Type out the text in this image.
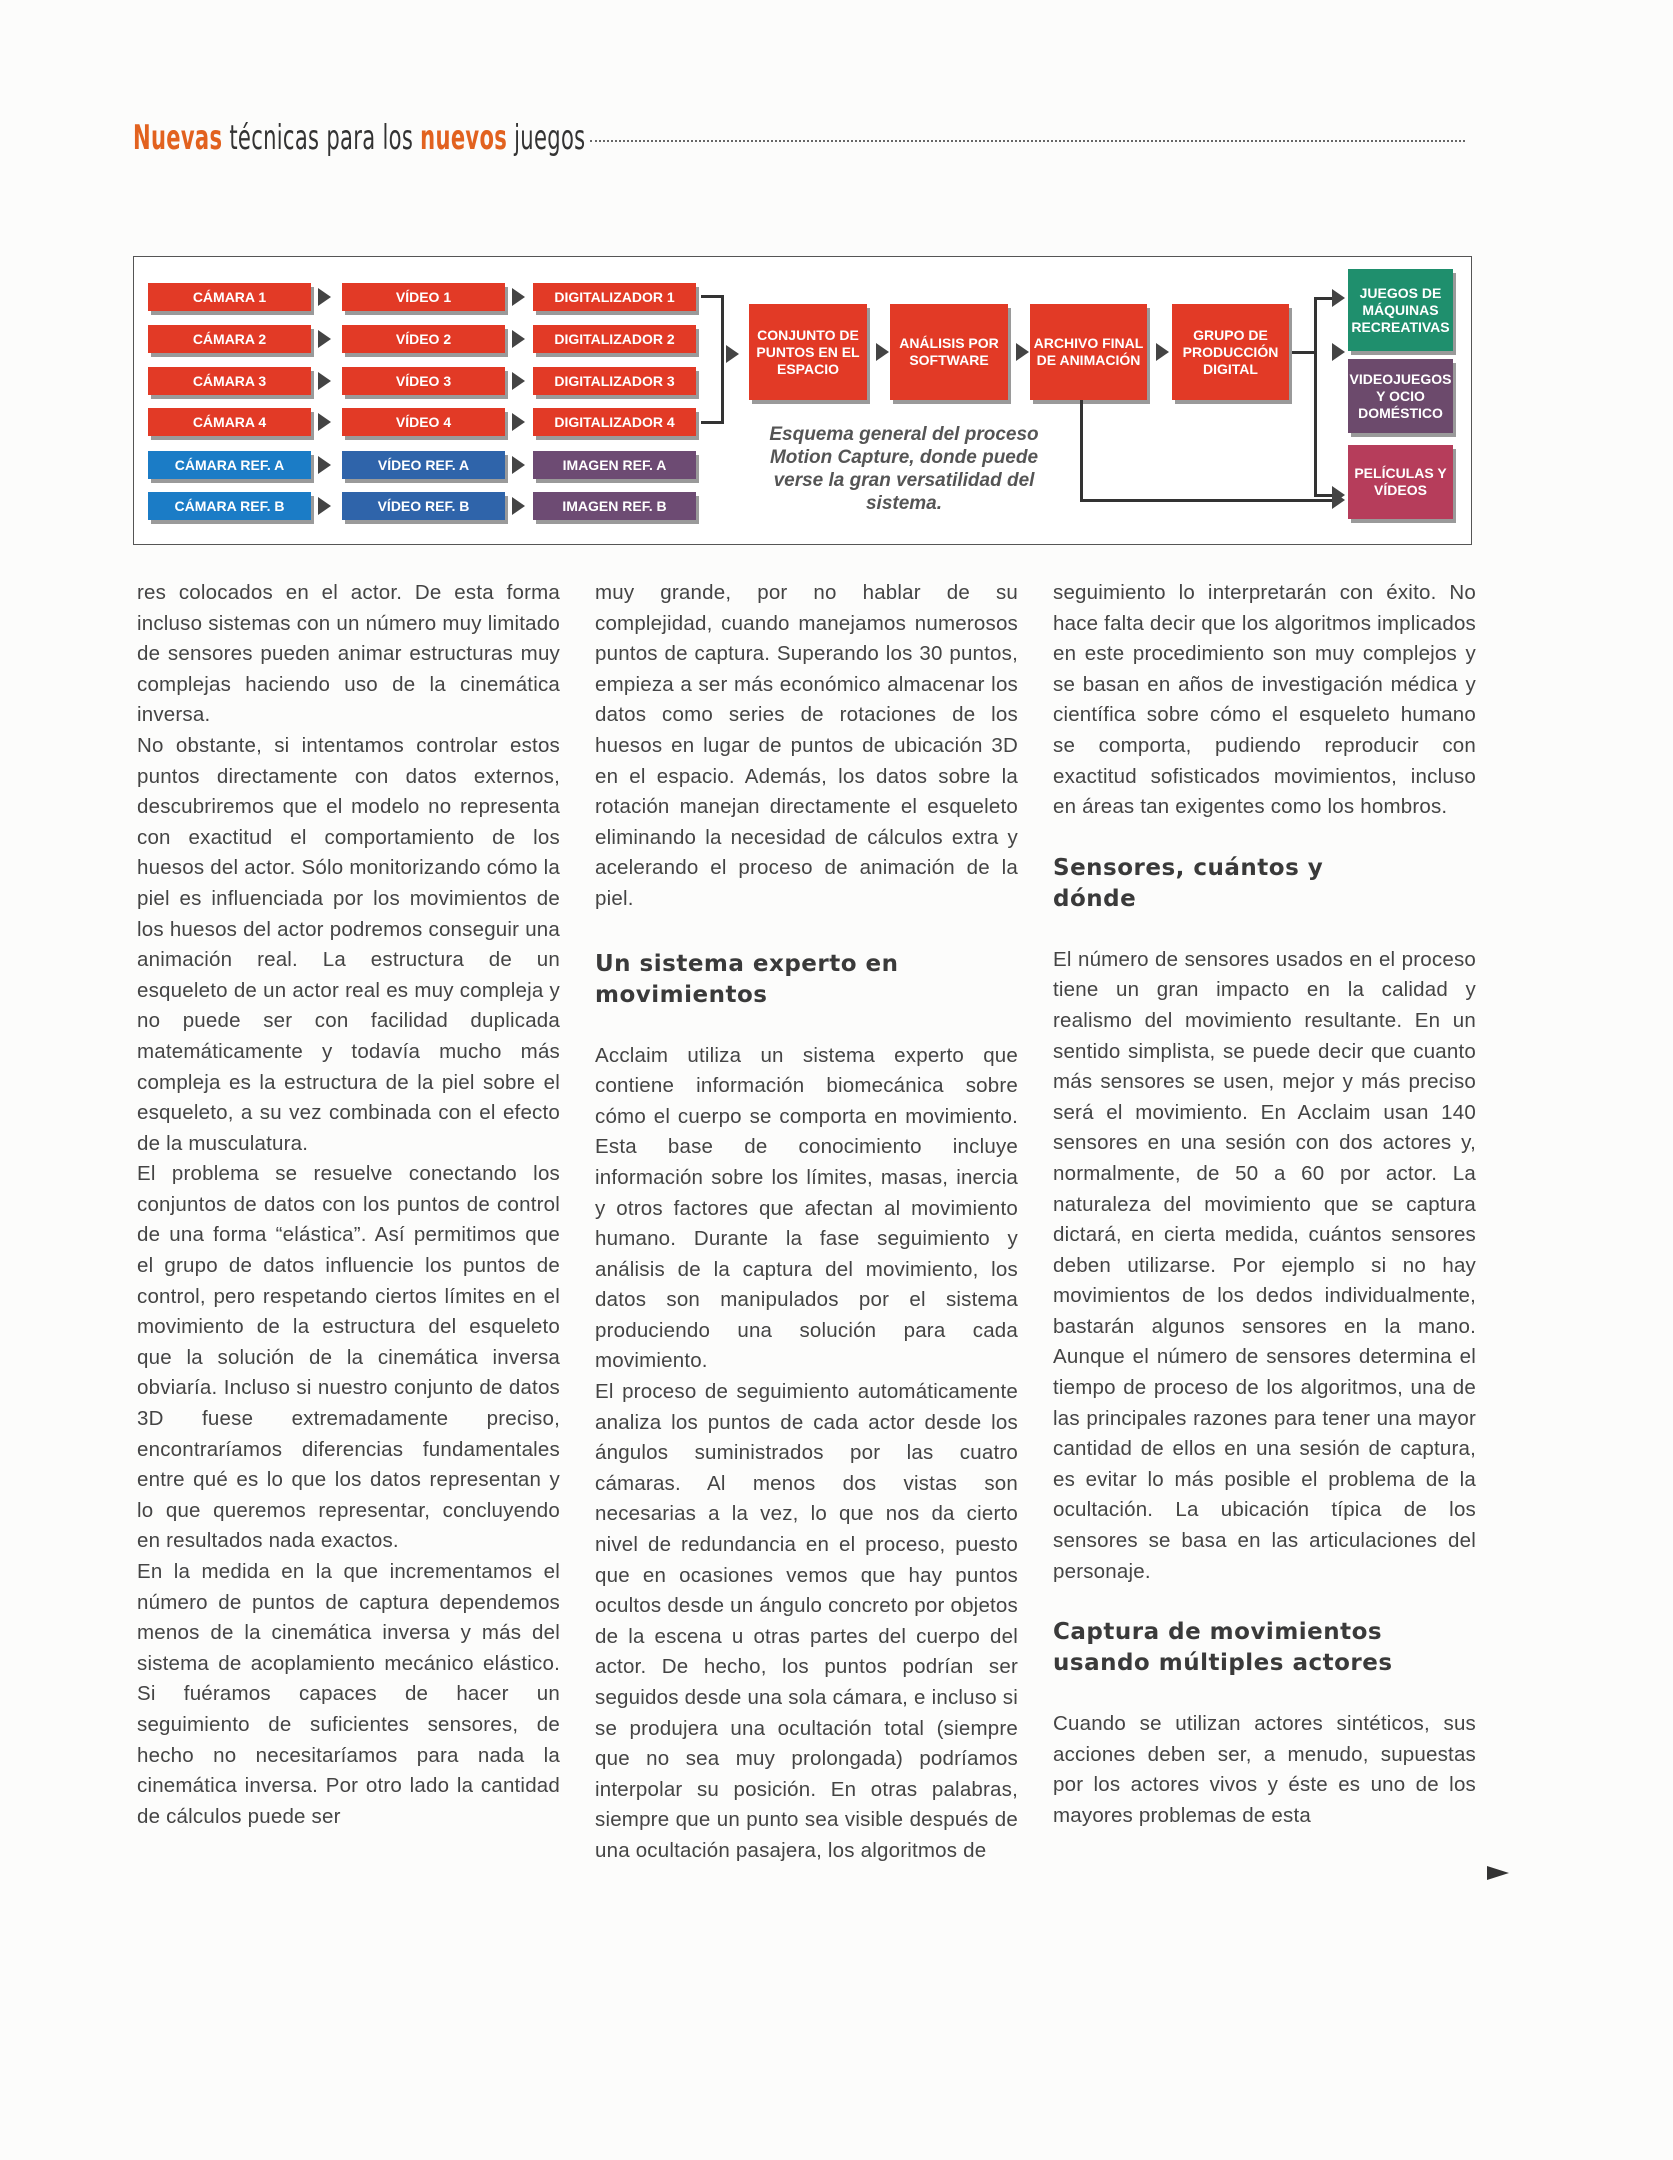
Nuevas técnicas para los nuevos juegos
CONJUNTO DE PUNTOS EN EL ESPACIO
ANÁLISIS POR SOFTWARE
ARCHIVO FINAL DE ANIMACIÓN
GRUPO DE PRODUCCIÓN DIGITAL
JUEGOS DE MÁQUINAS RECREATIVAS
VIDEOJUEGOS Y OCIO DOMÉSTICO
PELÍCULAS Y VÍDEOS
Esquema general del proceso Motion Capture, donde puede verse la gran versatilidad del sistema.
CÁMARA 1
CÁMARA 2
CÁMARA 3
CÁMARA 4
CÁMARA REF. A
CÁMARA REF. B
VÍDEO 1
VÍDEO 2
VÍDEO 3
VÍDEO 4
VÍDEO REF. A
VÍDEO REF. B
DIGITALIZADOR 1
DIGITALIZADOR 2
DIGITALIZADOR 3
DIGITALIZADOR 4
IMAGEN REF. A
IMAGEN REF. B

res colocados en el actor. De esta forma incluso sistemas con un número muy limitado de sensores pueden animar estructuras muy complejas haciendo uso de la cinemática inversa.

No obstante, si intentamos controlar estos puntos directamente con datos externos, descubriremos que el modelo no representa con exactitud el comportamiento de los huesos del actor. Sólo monitorizando cómo la piel es influenciada por los movimientos de los huesos del actor podremos conseguir una animación real. La estructura de un esqueleto de un actor real es muy compleja y no puede ser con facilidad duplicada matemáticamente y todavía mucho más compleja es la estructura de la piel sobre el esqueleto, a su vez combinada con el efecto de la musculatura.

El problema se resuelve conectando los conjuntos de datos con los puntos de control de una forma “elástica”. Así permitimos que el grupo de datos influencie los puntos de control, pero respetando ciertos límites en el movimiento de la estructura del esqueleto que la solución de la cinemática inversa obviaría. Incluso si nuestro conjunto de datos 3D fuese extremadamente preciso, encontraríamos diferencias fundamentales entre qué es lo que los datos representan y lo que queremos representar, concluyendo en resultados nada exactos.

En la medida en la que incrementamos el número de puntos de captura dependemos menos de la cinemática inversa y más del sistema de acoplamiento mecánico elástico. Si fuéramos capaces de hacer un seguimiento de suficientes sensores, de hecho no necesitaríamos para nada la cinemática inversa. Por otro lado la cantidad de cálculos puede ser

muy grande, por no hablar de su complejidad, cuando manejamos numerosos puntos de captura. Superando los 30 puntos, empieza a ser más económico almacenar los datos como series de rotaciones de los huesos en lugar de puntos de ubicación 3D en el espacio. Además, los datos sobre la rotación manejan directamente el esqueleto eliminando la necesidad de cálculos extra y acelerando el proceso de animación de la piel.

Un sistema experto en movimientos

Acclaim utiliza un sistema experto que contiene información biomecánica sobre cómo el cuerpo se comporta en movimiento. Esta base de conocimiento incluye información sobre los límites, masas, inercia y otros factores que afectan al movimiento humano. Durante la fase seguimiento y análisis de la captura del movimiento, los datos son manipulados por el sistema produciendo una solución para cada movimiento.

El proceso de seguimiento automáticamente analiza los puntos de cada actor desde los ángulos suministrados por las cuatro cámaras. Al menos dos vistas son necesarias a la vez, lo que nos da cierto nivel de redundancia en el proceso, puesto que en ocasiones vemos que hay puntos ocultos desde un ángulo concreto por objetos de la escena u otras partes del cuerpo del actor. De hecho, los puntos podrían ser seguidos desde una sola cámara, e incluso si se produjera una ocultación total (siempre que no sea muy prolongada) podríamos interpolar su posición. En otras palabras, siempre que un punto sea visible después de una ocultación pasajera, los algoritmos de

seguimiento lo interpretarán con éxito. No hace falta decir que los algoritmos implicados en este procedimiento son muy complejos y se basan en años de investigación médica y científica sobre cómo el esqueleto humano se comporta, pudiendo reproducir con exactitud sofisticados movimientos, incluso en áreas tan exigentes como los hombros.

Sensores, cuántos y dónde

El número de sensores usados en el proceso tiene un gran impacto en la calidad y realismo del movimiento resultante. En un sentido simplista, se puede decir que cuanto más sensores se usen, mejor y más preciso será el movimiento. En Acclaim usan 140 sensores en una sesión con dos actores y, normalmente, de 50 a 60 por actor. La naturaleza del movimiento que se captura dictará, en cierta medida, cuántos sensores deben utilizarse. Por ejemplo si no hay movimientos de los dedos individualmente, bastarán algunos sensores en la mano. Aunque el número de sensores determina el tiempo de proceso de los algoritmos, una de las principales razones para tener una mayor cantidad de ellos en una sesión de captura, es evitar lo más posible el problema de la ocultación. La ubicación típica de los sensores se basa en las articulaciones del personaje.

Captura de movimientos usando múltiples actores

Cuando se utilizan actores sintéticos, sus acciones deben ser, a menudo, supuestas por los actores vivos y éste es uno de los mayores problemas de esta
